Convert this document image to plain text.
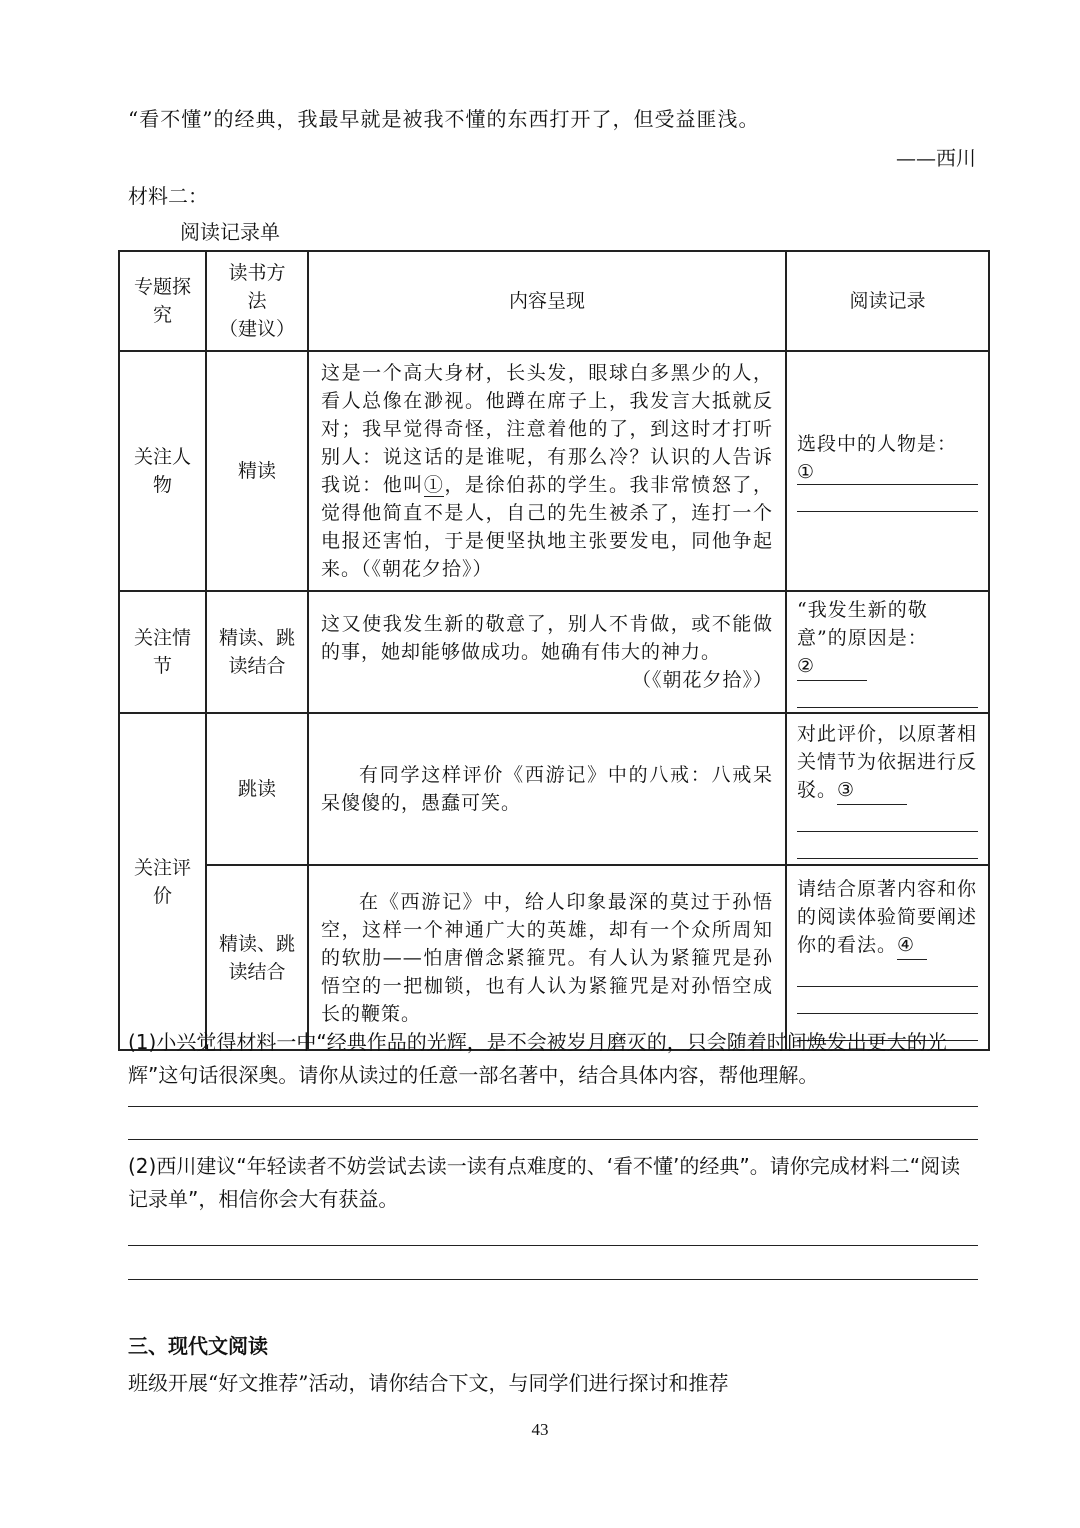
“看不懂”的经典，我最早就是被我不懂的东西打开了，但受益匪浅。
——西川
材料二：
阅读记录单
专题探究	读书方
法
（建议）	内容呈现	阅读记录
关注人物	精读	这是一个高大身材，长头发，眼球白多黑少的人，看人总像在渺视。他蹲在席子上，我发言大抵就反对；我早觉得奇怪，注意着他的了，到这时才打听别人：说这话的是谁呢，有那么冷？认识的人告诉我说：他叫①，是徐伯荪的学生。我非常愤怒了，觉得他简直不是人，自己的先生被杀了，连打一个电报还害怕，于是便坚执地主张要发电，同他争起来。（《朝花夕拾》）	选段中的人物是：
①

关注情节	精读、跳读结合	这又使我发生新的敬意了，别人不肯做，或不能做的事，她却能够做成功。她确有伟大的神力。
（《朝花夕拾》）	“我发生新的敬意”的原因是：②

关注评价	跳读	有同学这样评价《西游记》中的八戒：八戒呆呆傻傻的，愚蠢可笑。	对此评价，以原著相关情节为依据进行反驳。③

	精读、跳读结合	在《西游记》中，给人印象最深的莫过于孙悟空，这样一个神通广大的英雄，却有一个众所周知的软肋——怕唐僧念紧箍咒。有人认为紧箍咒是孙悟空的一把枷锁，也有人认为紧箍咒是对孙悟空成长的鞭策。	请结合原著内容和你的阅读体验简要阐述你的看法。④
(1)小兴觉得材料一中“经典作品的光辉，是不会被岁月磨灭的，只会随着时间焕发出更大的光辉”这句话很深奥。请你从读过的任意一部名著中，结合具体内容，帮他理解。
(2)西川建议“年轻读者不妨尝试去读一读有点难度的、‘看不懂’的经典”。请你完成材料二“阅读记录单”，相信你会大有获益。
三、现代文阅读
班级开展“好文推荐”活动，请你结合下文，与同学们进行探讨和推荐
43
